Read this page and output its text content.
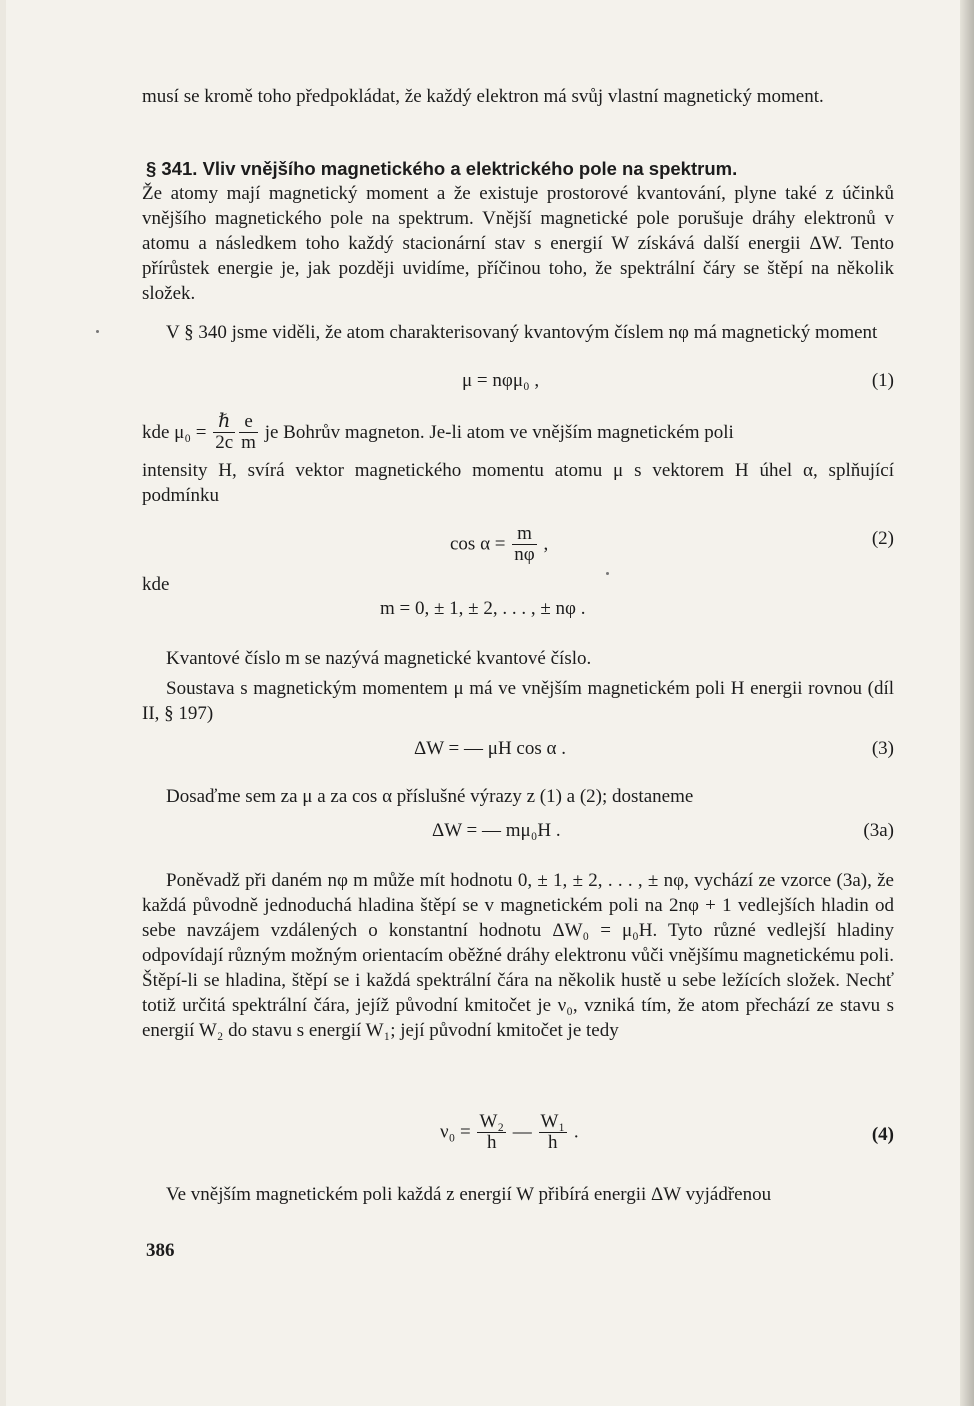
musí se kromě toho předpokládat, že každý elektron má svůj vlastní magnetický moment.
§ 341. Vliv vnějšího magnetického a elektrického pole na spektrum.
Že atomy mají magnetický moment a že existuje prostorové kvantování, plyne také z účinků vnějšího magnetického pole na spektrum. Vnější magnetické pole porušuje dráhy elektronů v atomu a následkem toho každý stacionární stav s energií W získává další energii ΔW. Tento přírůstek energie je, jak později uvidíme, příčinou toho, že spektrální čáry se štěpí na několik složek.
V § 340 jsme viděli, že atom charakterisovaný kvantovým číslem nφ má magnetický moment
μ = nφμ₀ ,	(1)
kde $\mu_0 = \frac{\text{ℏ}}{2c} \frac{e}{m}$ je Bohrův magneton. Je-li atom ve vnějším magnetickém poli
intensity H, svírá vektor magnetického momentu atomu μ s vektorem H úhel α, splňující podmínku
$\cos \alpha = \frac{m}{n\varphi}$ ,	(2)
kde
m = 0, ± 1, ± 2, . . . , ± nφ .
Kvantové číslo m se nazývá magnetické kvantové číslo.
Soustava s magnetickým momentem μ má ve vnějším magnetickém poli H energii rovnou (díl II, § 197)
ΔW = — μH cos α .	(3)
Dosaďme sem za μ a za cos α příslušné výrazy z (1) a (2); dostaneme
ΔW = — mμ₀H .	(3a)
Poněvadž při daném nφ m může mít hodnotu 0, ± 1, ± 2, . . . , ± nφ, vychází ze vzorce (3a), že každá původně jednoduchá hladina štěpí se v magnetickém poli na 2nφ + 1 vedlejších hladin od sebe navzájem vzdálených o konstantní hodnotu ΔW₀ = μ₀H. Tyto různé vedlejší hladiny odpovídají různým možným orientacím oběžné dráhy elektronu vůči vnějšímu magnetickému poli. Štěpí-li se hladina, štěpí se i každá spektrální čára na několik hustě u sebe ležících složek. Nechť totiž určitá spektrální čára, jejíž původní kmitočet je ν₀, vzniká tím, že atom přechází ze stavu s energií W₂ do stavu s energií W₁; její původní kmitočet je tedy
$\nu_0 = \frac{\text{W₂}}{h}$ — $\frac{\text{W₁}}{h}$ .	(4)
Ve vnějším magnetickém poli každá z energií W přibírá energii ΔW vyjádřenou
386
